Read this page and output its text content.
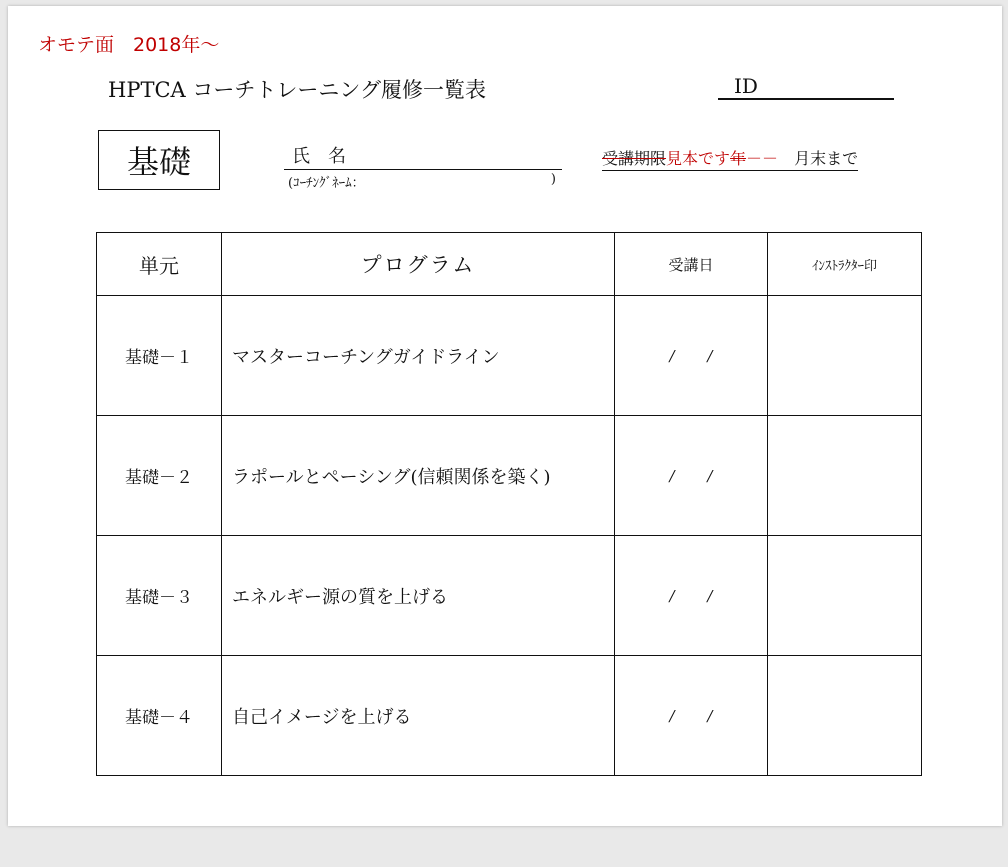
オモテ面　2018年～
HPTCA コーチトレーニング履修一覧表	ID
基礎	氏　名
(ｺｰﾁﾝｸﾞﾈｰﾑ：	)
受講期限見本です年－－　月末まで
単元	プログラム	受講日	ｲﾝｽﾄﾗｸﾀｰ印
基礎－１	マスターコーチングガイドライン	/ /	
基礎－２	ラポールとペーシング(信頼関係を築く)	/ /	
基礎－３	エネルギー源の質を上げる	/ /	
基礎－４	自己イメージを上げる	/ /	
